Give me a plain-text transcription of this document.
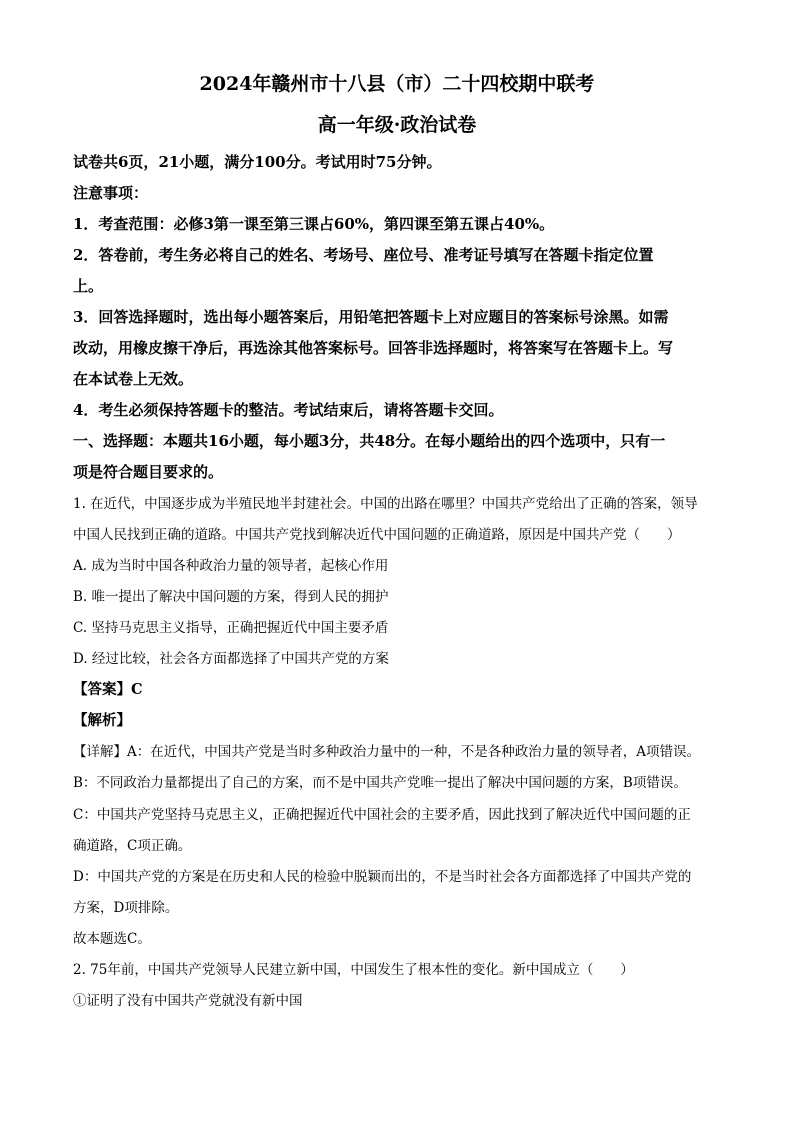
2024年赣州市十八县（市）二十四校期中联考
高一年级·政治试卷
试卷共6页，21小题，满分100分。考试用时75分钟。
注意事项：
1．考查范围：必修3第一课至第三课占60%，第四课至第五课占40%。
2．答卷前，考生务必将自己的姓名、考场号、座位号、准考证号填写在答题卡指定位置
上。
3．回答选择题时，选出每小题答案后，用铅笔把答题卡上对应题目的答案标号涂黑。如需
改动，用橡皮擦干净后，再选涂其他答案标号。回答非选择题时，将答案写在答题卡上。写
在本试卷上无效。
4．考生必须保持答题卡的整洁。考试结束后，请将答题卡交回。
一、选择题：本题共16小题，每小题3分，共48分。在每小题给出的四个选项中，只有一
项是符合题目要求的。
1. 在近代，中国逐步成为半殖民地半封建社会。中国的出路在哪里？中国共产党给出了正确的答案，领导
中国人民找到正确的道路。中国共产党找到解决近代中国问题的正确道路，原因是中国共产党（　　）
A. 成为当时中国各种政治力量的领导者，起核心作用
B. 唯一提出了解决中国问题的方案，得到人民的拥护
C. 坚持马克思主义指导，正确把握近代中国主要矛盾
D. 经过比较，社会各方面都选择了中国共产党的方案
【答案】C
【解析】
【详解】A：在近代，中国共产党是当时多种政治力量中的一种，不是各种政治力量的领导者，A项错误。
B：不同政治力量都提出了自己的方案，而不是中国共产党唯一提出了解决中国问题的方案，B项错误。
C：中国共产党坚持马克思主义，正确把握近代中国社会的主要矛盾，因此找到了解决近代中国问题的正
确道路，C项正确。
D：中国共产党的方案是在历史和人民的检验中脱颖而出的，不是当时社会各方面都选择了中国共产党的
方案，D项排除。
故本题选C。
2. 75年前，中国共产党领导人民建立新中国，中国发生了根本性的变化。新中国成立（　　）
①证明了没有中国共产党就没有新中国
